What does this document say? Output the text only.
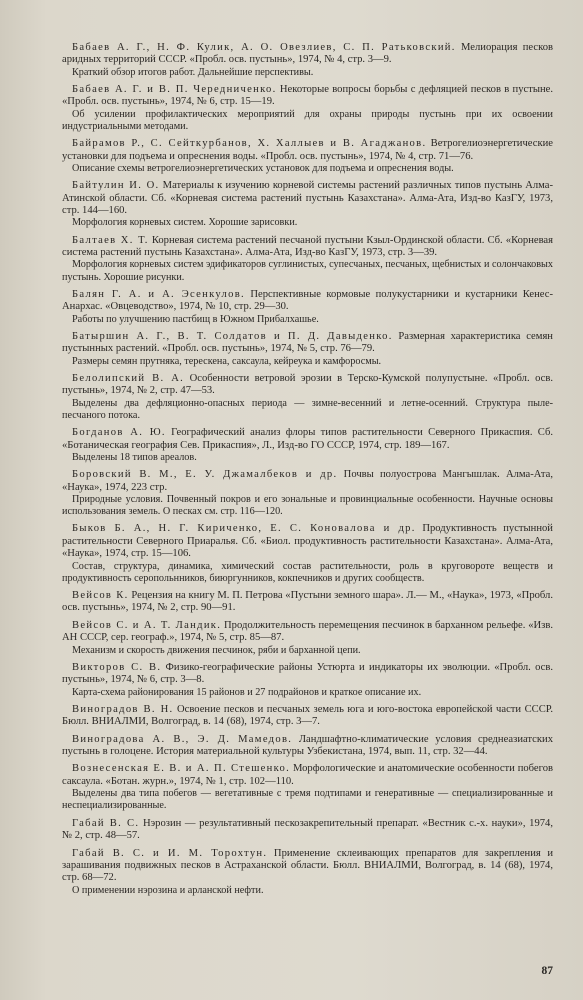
Бабаев А. Г., Н. Ф. Кулик, А. О. Овезлиев, С. П. Ратьковский. Мелиорация песков аридных территорий СССР. «Пробл. осв. пустынь», 1974, № 4, стр. 3—9.

Краткий обзор итогов работ. Дальнейшие перспективы.

Бабаев А. Г. и В. П. Чередниченко. Некоторые вопросы борьбы с дефляцией песков в пустыне. «Пробл. осв. пустынь», 1974, № 6, стр. 15—19.

Об усилении профилактических мероприятий для охраны природы пустынь при их освоении индустриальными методами.

Байрамов Р., С. Сейткурбанов, Х. Халлыев и В. Агаджанов. Ветрогелиоэнергетические установки для подъема и опреснения воды. «Пробл. осв. пустынь», 1974, № 4, стр. 71—76.

Описание схемы ветрогелиоэнергетических установок для подъема и опреснения воды.

Байтулин И. О. Материалы к изучению корневой системы растений различных типов пустынь Алма-Атинской области. Сб. «Корневая система растений пустынь Казахстана». Алма-Ата, Изд-во КазГУ, 1973, стр. 144—160.

Морфология корневых систем. Хорошие зарисовки.

Балтаев Х. Т. Корневая система растений песчаной пустыни Кзыл-Ординской области. Сб. «Корневая система растений пустынь Казахстана». Алма-Ата, Изд-во КазГУ, 1973, стр. 3—39.

Морфология корневых систем эдификаторов суглинистых, супесчаных, песчаных, щебнистых и солончаковых пустынь. Хорошие рисунки.

Балян Г. А. и А. Эсенкулов. Перспективные кормовые полукустарники и кустарники Кенес-Анархас. «Овцеводство», 1974, № 10, стр. 29—30.

Работы по улучшению пастбищ в Южном Прибалхашье.

Батыршин А. Г., В. Т. Солдатов и П. Д. Давыденко. Размерная характеристика семян пустынных растений. «Пробл. осв. пустынь», 1974, № 5, стр. 76—79.

Размеры семян прутняка, терескена, саксаула, кейреука и камфоросмы.

Белолипский В. А. Особенности ветровой эрозии в Терско-Кумской полупустыне. «Пробл. осв. пустынь», 1974, № 2, стр. 47—53.

Выделены два дефляционно-опасных периода — зимне-весенний и летне-осенний. Структура пыле-песчаного потока.

Богданов А. Ю. Географический анализ флоры типов растительности Северного Прикаспия. Сб. «Ботаническая география Сев. Прикаспия», Л., Изд-во ГО СССР, 1974, стр. 189—167.

Выделены 18 типов ареалов.

Боровский В. М., Е. У. Джамалбеков и др. Почвы полуострова Мангышлак. Алма-Ата, «Наука», 1974, 223 стр.

Природные условия. Почвенный покров и его зональные и провинциальные особенности. Научные основы использования земель. О песках см. стр. 116—120.

Быков Б. А., Н. Г. Кириченко, Е. С. Коновалова и др. Продуктивность пустынной растительности Северного Приаралья. Сб. «Биол. продуктивность растительности Казахстана». Алма-Ата, «Наука», 1974, стр. 15—106.

Состав, структура, динамика, химический состав растительности, роль в круговороте веществ и продуктивность серопольнников, биюргунников, кокпечников и других сообществ.

Вейсов К. Рецензия на книгу М. П. Петрова «Пустыни земного шара». Л.— М., «Наука», 1973, «Пробл. осв. пустынь», 1974, № 2, стр. 90—91.

Вейсов С. и А. Т. Ландик. Продолжительность перемещения песчинок в барханном рельефе. «Изв. АН СССР, сер. географ.», 1974, № 5, стр. 85—87.

Механизм и скорость движения песчинок, ряби и барханной цепи.

Викторов С. В. Физико-географические районы Устюрта и индикаторы их эволюции. «Пробл. осв. пустынь», 1974, № 6, стр. 3—8.

Карта-схема районирования 15 районов и 27 подрайонов и краткое описание их.

Виноградов В. Н. Освоение песков и песчаных земель юга и юго-востока европейской части СССР. Бюлл. ВНИАЛМИ, Волгоград, в. 14 (68), 1974, стр. 3—7.

Виноградова А. В., Э. Д. Мамедов. Ландшафтно-климатические условия среднеазиатских пустынь в голоцене. История материальной культуры Узбекистана, 1974, вып. 11, стр. 32—44.

Вознесенская Е. В. и А. П. Стешенко. Морфологические и анатомические особенности побегов саксаула. «Ботан. журн.», 1974, № 1, стр. 102—110.

Выделены два типа побегов — вегетативные с тремя подтипами и генеративные — специализированные и неспециализированные.

Габай В. С. Нэрозин — результативный пескозакрепительный препарат. «Вестник с.-х. науки», 1974, № 2, стр. 48—57.

Габай В. С. и И. М. Торохтун. Применение склеивающих препаратов для закрепления и зарашивания подвижных песков в Астраханской области. Бюлл. ВНИАЛМИ, Волгоград, в. 14 (68), 1974, стр. 68—72.

О применении нэрозина и арланской нефти.

87
